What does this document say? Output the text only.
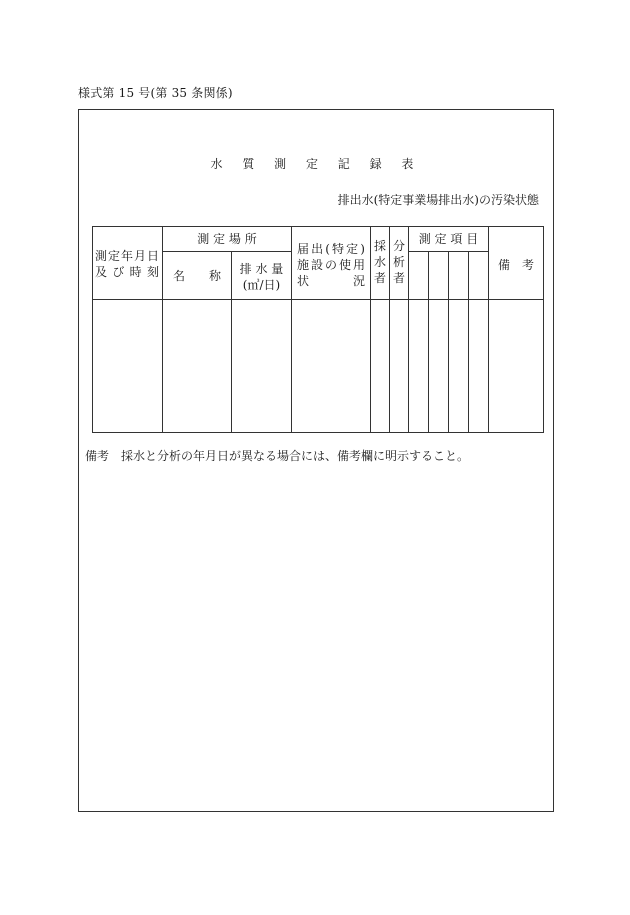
様式第 15 号(第 35 条関係)
水 質 測 定 記 録 表
排出水(特定事業場排出水)の汚染状態
測定年月日
及 び 時 刻
測 定 場 所
名　　称	排 水 量
(㎥/日)
届出(特定)
施設の使用
状　　況
採
水
者
分
析
者
測 定 項 目
備　考
備考 採水と分析の年月日が異なる場合には、備考欄に明示すること。
